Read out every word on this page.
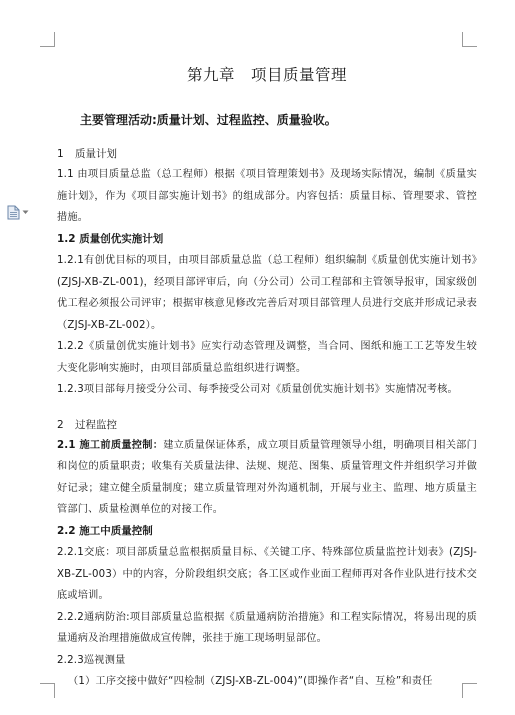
第九章　项目质量管理
主要管理活动:质量计划、过程监控、质量验收。
1 质量计划

1.1 由项目质量总监（总工程师）根据《项目管理策划书》及现场实际情况，编制《质量实施计划》，作为《项目部实施计划书》的组成部分。内容包括：质量目标、管理要求、管控措施。

1.2 质量创优实施计划

1.2.1有创优目标的项目，由项目部质量总监（总工程师）组织编制《质量创优实施计划书》(ZJSJ-XB-ZL-001)，经项目部评审后，向（分公司）公司工程部和主管领导报审，国家级创优工程必须报公司评审；根据审核意见修改完善后对项目部管理人员进行交底并形成记录表（ZJSJ-XB-ZL-002）。

1.2.2《质量创优实施计划书》应实行动态管理及调整，当合同、图纸和施工工艺等发生较大变化影响实施时，由项目部质量总监组织进行调整。

1.2.3项目部每月接受分公司、每季接受公司对《质量创优实施计划书》实施情况考核。

2 过程监控

2.1 施工前质量控制：建立质量保证体系，成立项目质量管理领导小组，明确项目相关部门和岗位的质量职责；收集有关质量法律、法规、规范、图集、质量管理文件并组织学习并做好记录；建立健全质量制度；建立质量管理对外沟通机制，开展与业主、监理、地方质量主管部门、质量检测单位的对接工作。

2.2 施工中质量控制

2.2.1交底：项目部质量总监根据质量目标、《关键工序、特殊部位质量监控计划表》(ZJSJ-XB-ZL-003）中的内容，分阶段组织交底；各工区或作业面工程师再对各作业队进行技术交底或培训。

2.2.2通病防治:项目部质量总监根据《质量通病防治措施》和工程实际情况，将易出现的质量通病及治理措施做成宣传牌，张挂于施工现场明显部位。

2.2.3巡视测量

（1）工序交接中做好“四检制（ZJSJ-XB-ZL-004)”(即操作者“自、互检”和责任
